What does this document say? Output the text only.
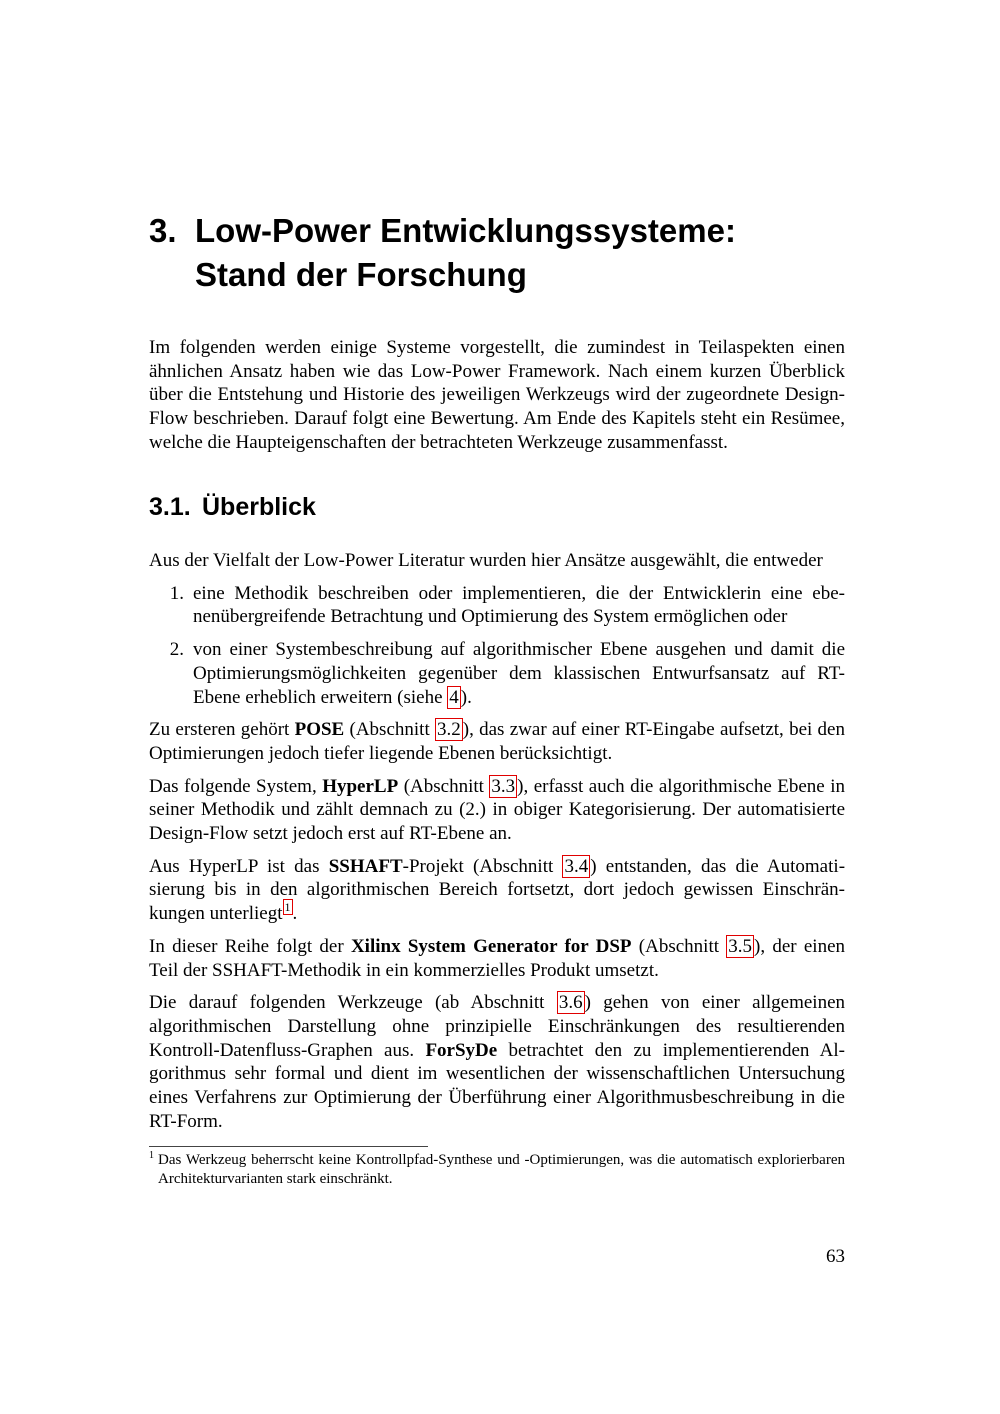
3. Low-Power Entwicklungssysteme:
Stand der Forschung
Im folgenden werden einige Systeme vorgestellt, die zumindest in Teilaspekten einen ähnlichen Ansatz haben wie das Low-Power Framework. Nach einem kurzen Überblick über die Entstehung und Historie des jeweiligen Werkzeugs wird der zugeordnete Design-Flow beschrieben. Darauf folgt eine Bewertung. Am Ende des Kapitels steht ein Resümee, welche die Haupteigenschaften der betrachteten Werkzeuge zusammenfasst.
3.1. Überblick

Aus der Vielfalt der Low-Power Literatur wurden hier Ansätze ausgewählt, die entweder

1. eine Methodik beschreiben oder implementieren, die der Entwicklerin eine ebenenübergreifende Betrachtung und Optimierung des System ermöglichen oder
2. von einer Systembeschreibung auf algorithmischer Ebene ausgehen und damit die Optimierungsmöglichkeiten gegenüber dem klassischen Entwurfsansatz auf RT-Ebene erheblich erweitern (siehe 4 ).

Zu ersteren gehört POSE (Abschnitt 3.2 ), das zwar auf einer RT-Eingabe aufsetzt, bei den Optimierungen jedoch tiefer liegende Ebenen berücksichtigt.

Das folgende System, HyperLP (Abschnitt 3.3 ), erfasst auch die algorithmische Ebene in seiner Methodik und zählt demnach zu (2.) in obiger Kategorisierung. Der automatisierte Design-Flow setzt jedoch erst auf RT-Ebene an.

Aus HyperLP ist das SSHAFT-Projekt (Abschnitt 3.4 ) entstanden, das die Automatisierung bis in den algorithmischen Bereich fortsetzt, dort jedoch gewissen Einschränkungen unterliegt $^1$ .

In dieser Reihe folgt der Xilinx System Generator for DSP (Abschnitt 3.5 ), der einen Teil der SSHAFT-Methodik in ein kommerzielles Produkt umsetzt.

Die darauf folgenden Werkzeuge (ab Abschnitt 3.6 ) gehen von einer allgemeinen algorithmischen Darstellung ohne prinzipielle Einschränkungen des resultierenden Kontroll-Datenfluss-Graphen aus. ForSyDe betrachtet den zu implementierenden Algorithmus sehr formal und dient im wesentlichen der wissenschaftlichen Untersuchung eines Verfahrens zur Optimierung der Überführung einer Algorithmusbeschreibung in die RT-Form.

1 Das Werkzeug beherrscht keine Kontrollpfad-Synthese und -Optimierungen, was die automatisch explorierbaren Architekturvarianten stark einschränkt.
63
